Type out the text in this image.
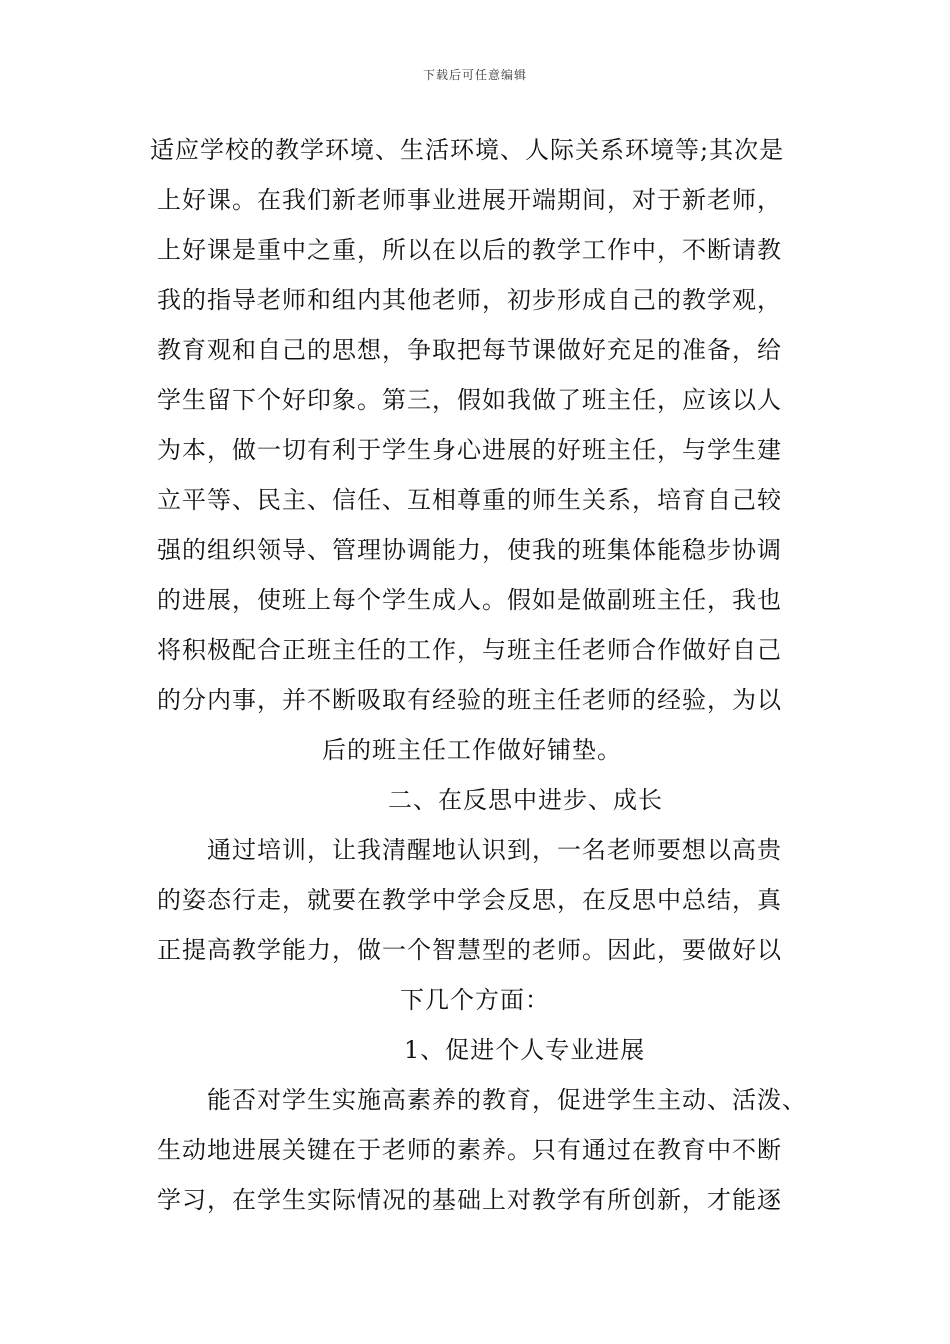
下载后可任意编辑
适应学校的教学环境、生活环境、人际关系环境等;其次是
上好课。在我们新老师事业进展开端期间，对于新老师，
上好课是重中之重，所以在以后的教学工作中，不断请教
我的指导老师和组内其他老师，初步形成自己的教学观，
教育观和自己的思想，争取把每节课做好充足的准备，给
学生留下个好印象。第三，假如我做了班主任，应该以人
为本，做一切有利于学生身心进展的好班主任，与学生建
立平等、民主、信任、互相尊重的师生关系，培育自己较
强的组织领导、管理协调能力，使我的班集体能稳步协调
的进展，使班上每个学生成人。假如是做副班主任，我也
将积极配合正班主任的工作，与班主任老师合作做好自己
的分内事，并不断吸取有经验的班主任老师的经验，为以
后的班主任工作做好铺垫。
二、在反思中进步、成长
通过培训，让我清醒地认识到，一名老师要想以高贵
的姿态行走，就要在教学中学会反思，在反思中总结，真
正提高教学能力，做一个智慧型的老师。因此，要做好以
下几个方面：
1、促进个人专业进展
能否对学生实施高素养的教育，促进学生主动、活泼、
生动地进展关键在于老师的素养。只有通过在教育中不断
学习，在学生实际情况的基础上对教学有所创新，才能逐
